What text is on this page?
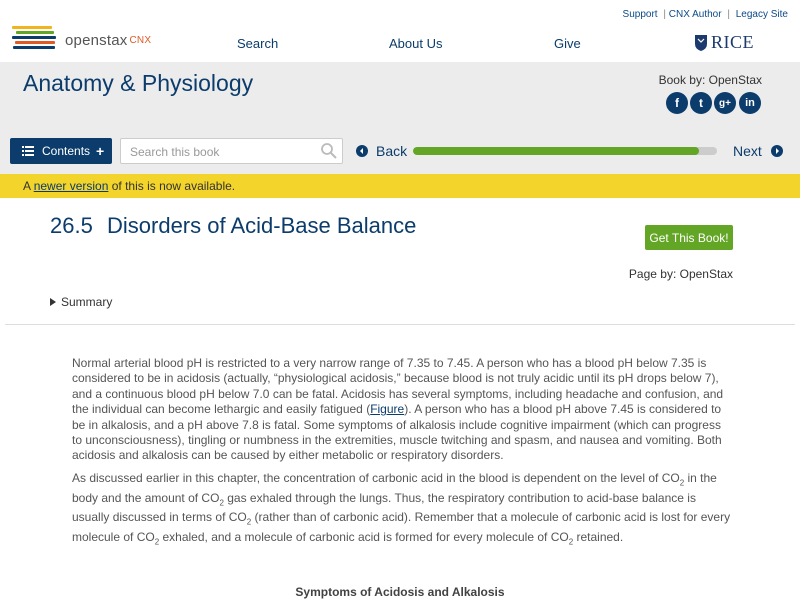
openstax CNX
Support | CNX Author | Legacy Site
Search	About Us	Give	RICE
Anatomy & Physiology	Book by: OpenStax
f	t	g+	in
Contents +
Search this book	Back	Next
A newer version of this is now available.
26.5 Disorders of Acid-Base Balance	Get This Book!
Page by: OpenStax
Summary

Normal arterial blood pH is restricted to a very narrow range of 7.35 to 7.45. A person who has a blood pH below 7.35 is considered to be in acidosis (actually, “physiological acidosis,” because blood is not truly acidic until its pH drops below 7), and a continuous blood pH below 7.0 can be fatal. Acidosis has several symptoms, including headache and confusion, and the individual can become lethargic and easily fatigued (Figure). A person who has a blood pH above 7.45 is considered to be in alkalosis, and a pH above 7.8 is fatal. Some symptoms of alkalosis include cognitive impairment (which can progress to unconsciousness), tingling or numbness in the extremities, muscle twitching and spasm, and nausea and vomiting. Both acidosis and alkalosis can be caused by either metabolic or respiratory disorders.

As discussed earlier in this chapter, the concentration of carbonic acid in the blood is dependent on the level of $CO_2$ in the body and the amount of $CO_2$ gas exhaled through the lungs. Thus, the respiratory contribution to acid-base balance is usually discussed in terms of $CO_2$ (rather than of carbonic acid). Remember that a molecule of carbonic acid is lost for every molecule of $CO_2$ exhaled, and a molecule of carbonic acid is formed for every molecule of $CO_2$ retained.

Symptoms of Acidosis and Alkalosis
